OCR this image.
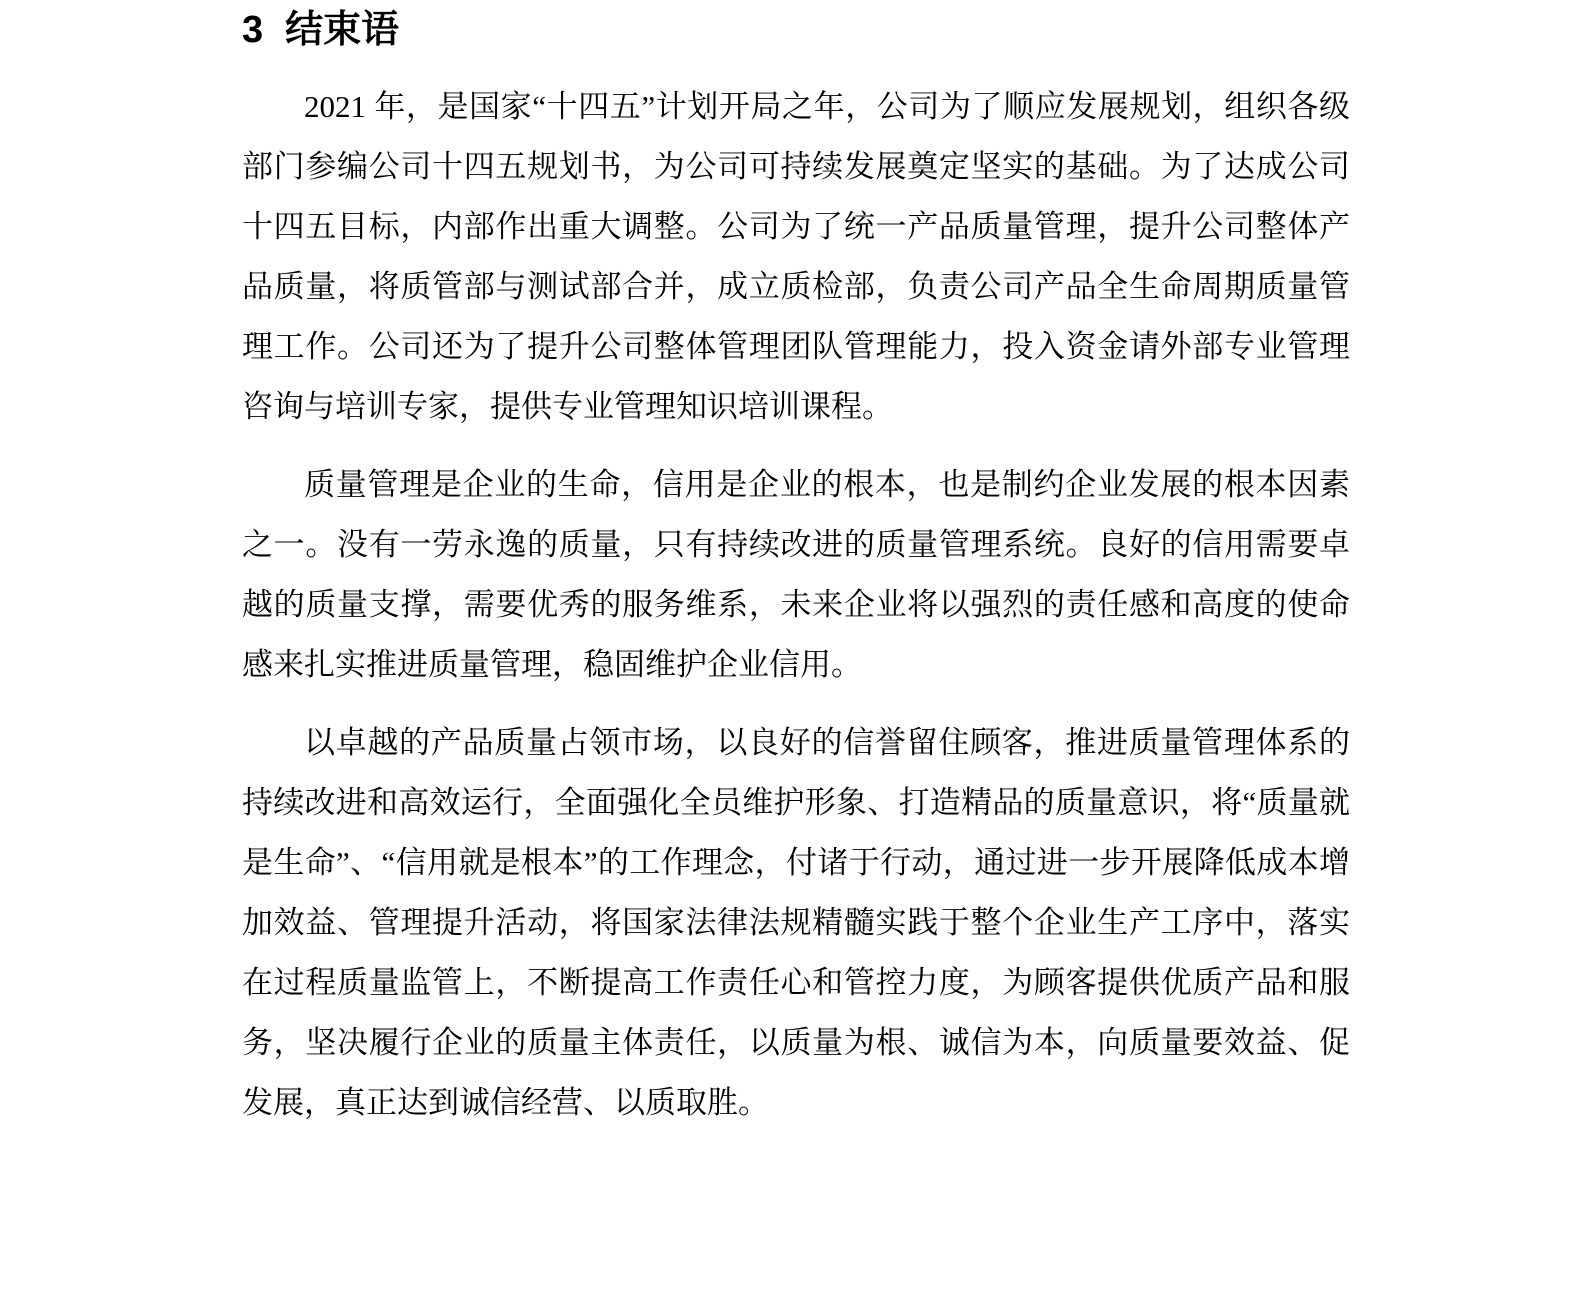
3 结束语

2021 年，是国家“十四五”计划开局之年，公司为了顺应发展规划，组织各级部门参编公司十四五规划书，为公司可持续发展奠定坚实的基础。为了达成公司十四五目标，内部作出重大调整。公司为了统一产品质量管理，提升公司整体产品质量，将质管部与测试部合并，成立质检部，负责公司产品全生命周期质量管理工作。公司还为了提升公司整体管理团队管理能力，投入资金请外部专业管理咨询与培训专家，提供专业管理知识培训课程。

质量管理是企业的生命，信用是企业的根本，也是制约企业发展的根本因素之一。没有一劳永逸的质量，只有持续改进的质量管理系统。良好的信用需要卓越的质量支撑，需要优秀的服务维系，未来企业将以强烈的责任感和高度的使命感来扎实推进质量管理，稳固维护企业信用。

以卓越的产品质量占领市场，以良好的信誉留住顾客，推进质量管理体系的持续改进和高效运行，全面强化全员维护形象、打造精品的质量意识，将“质量就是生命”、“信用就是根本”的工作理念，付诸于行动，通过进一步开展降低成本增加效益、管理提升活动，将国家法律法规精髓实践于整个企业生产工序中，落实在过程质量监管上，不断提高工作责任心和管控力度，为顾客提供优质产品和服务，坚决履行企业的质量主体责任，以质量为根、诚信为本，向质量要效益、促发展，真正达到诚信经营、以质取胜。
